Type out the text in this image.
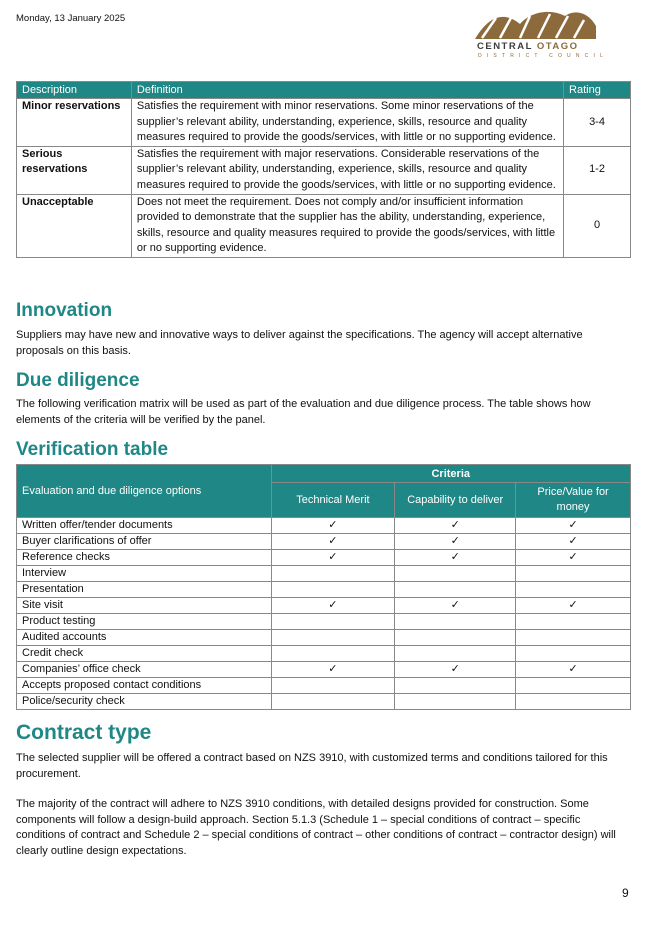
Monday, 13 January 2025
CENTRAL OTAGO
DISTRICT COUNCIL
Description	Definition	Rating
Minor reservations	Satisfies the requirement with minor reservations. Some minor reservations of the supplier’s relevant ability, understanding, experience, skills, resource and quality measures required to provide the goods/services, with little or no supporting evidence.	3-4
Serious reservations	Satisfies the requirement with major reservations. Considerable reservations of the supplier’s relevant ability, understanding, experience, skills, resource and quality measures required to provide the goods/services, with little or no supporting evidence.	1-2
Unacceptable	Does not meet the requirement. Does not comply and/or insufficient information provided to demonstrate that the supplier has the ability, understanding, experience, skills, resource and quality measures required to provide the goods/services, with little or no supporting evidence.	0
Innovation

Suppliers may have new and innovative ways to deliver against the specifications. The agency will accept alternative proposals on this basis.

Due diligence

The following verification matrix will be used as part of the evaluation and due diligence process. The table shows how elements of the criteria will be verified by the panel.

Verification table
Evaluation and due diligence options	Criteria		
	Technical Merit	Capability to deliver	Price/Value for money
Written offer/tender documents	✓	✓	✓
Buyer clarifications of offer	✓	✓	✓
Reference checks	✓	✓	✓
Interview			
Presentation			
Site visit	✓	✓	✓
Product testing			
Audited accounts			
Credit check			
Companies’ office check	✓	✓	✓
Accepts proposed contact conditions			
Police/security check			
Contract type

The selected supplier will be offered a contract based on NZS 3910, with customized terms and conditions tailored for this procurement.

The majority of the contract will adhere to NZS 3910 conditions, with detailed designs provided for construction. Some components will follow a design-build approach. Section 5.1.3 (Schedule 1 – special conditions of contract – specific conditions of contract and Schedule 2 – special conditions of contract – other conditions of contract – contractor design) will clearly outline design expectations.

9
